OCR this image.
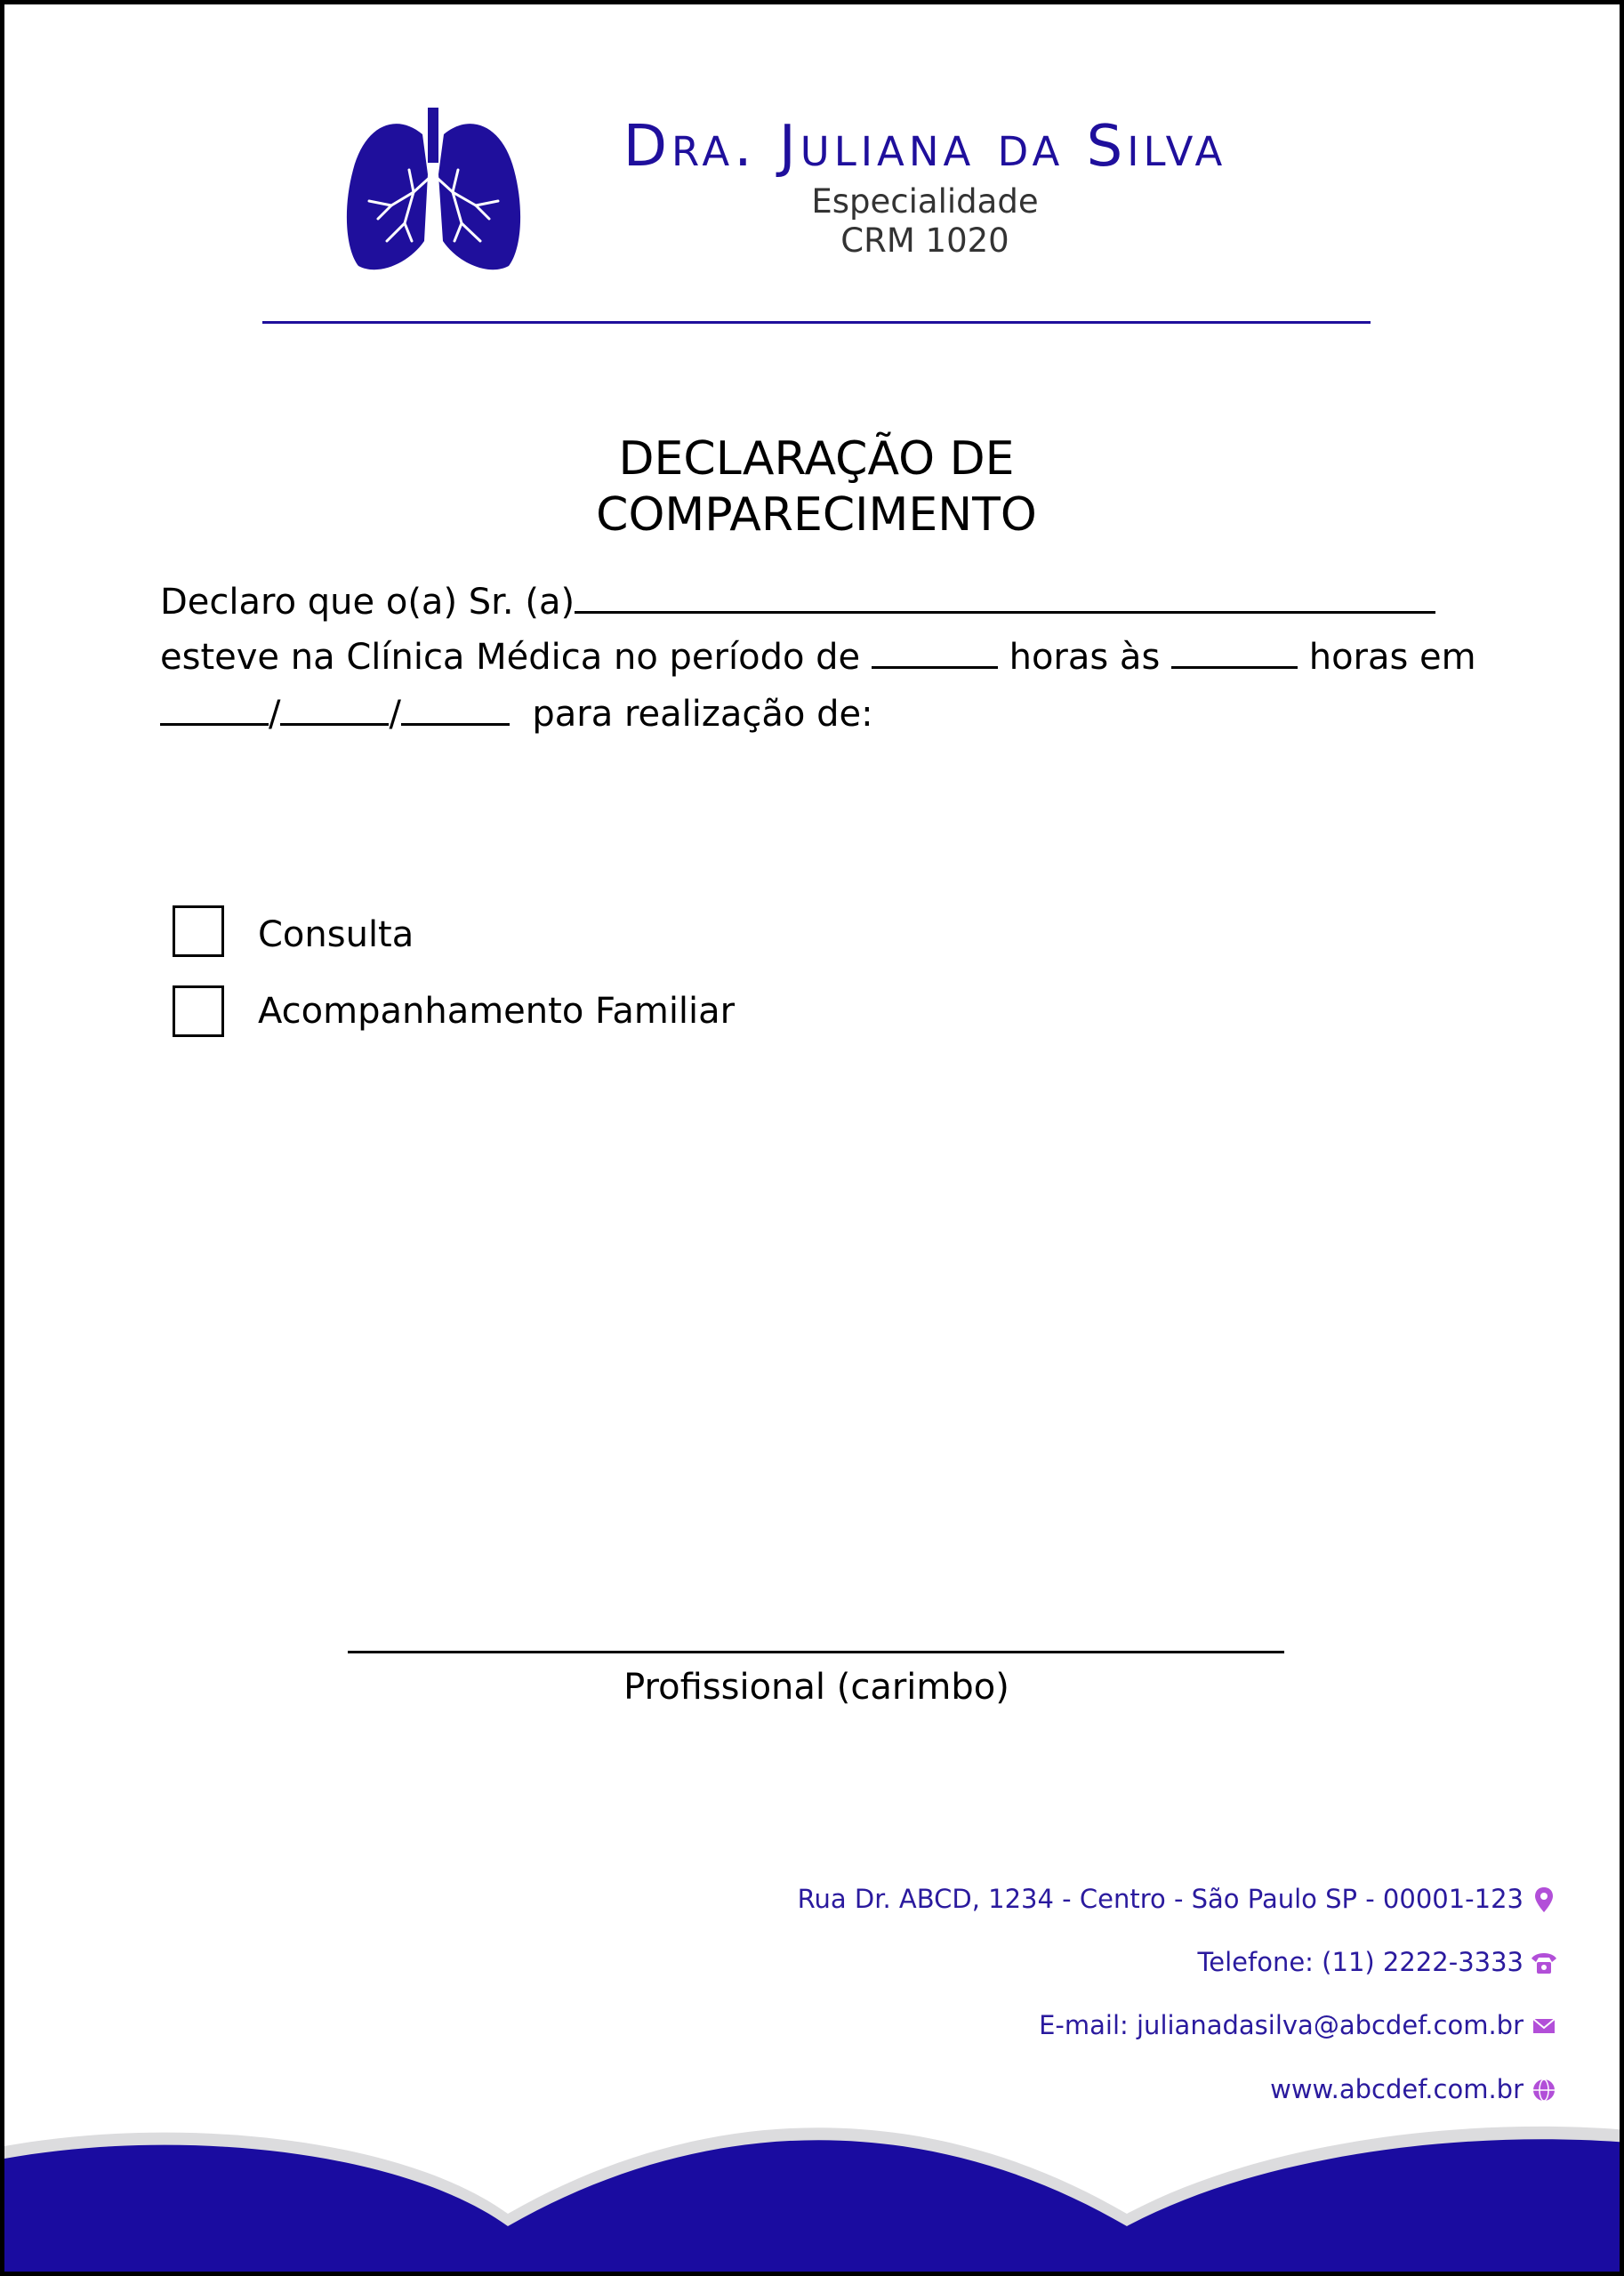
Dra. Juliana da Silva
Especialidade
CRM 1020
DECLARAÇÃO DE
COMPARECIMENTO
Declaro que o(a) Sr. (a)
esteve na Clínica Médica no período de	horas às	horas em
/	/	para realização de:
Consulta
Acompanhamento Familiar
Profissional (carimbo)
Rua Dr. ABCD, 1234 - Centro - São Paulo SP - 00001-123
Telefone: (11) 2222-3333
E-mail: julianadasilva@abcdef.com.br
www.abcdef.com.br
